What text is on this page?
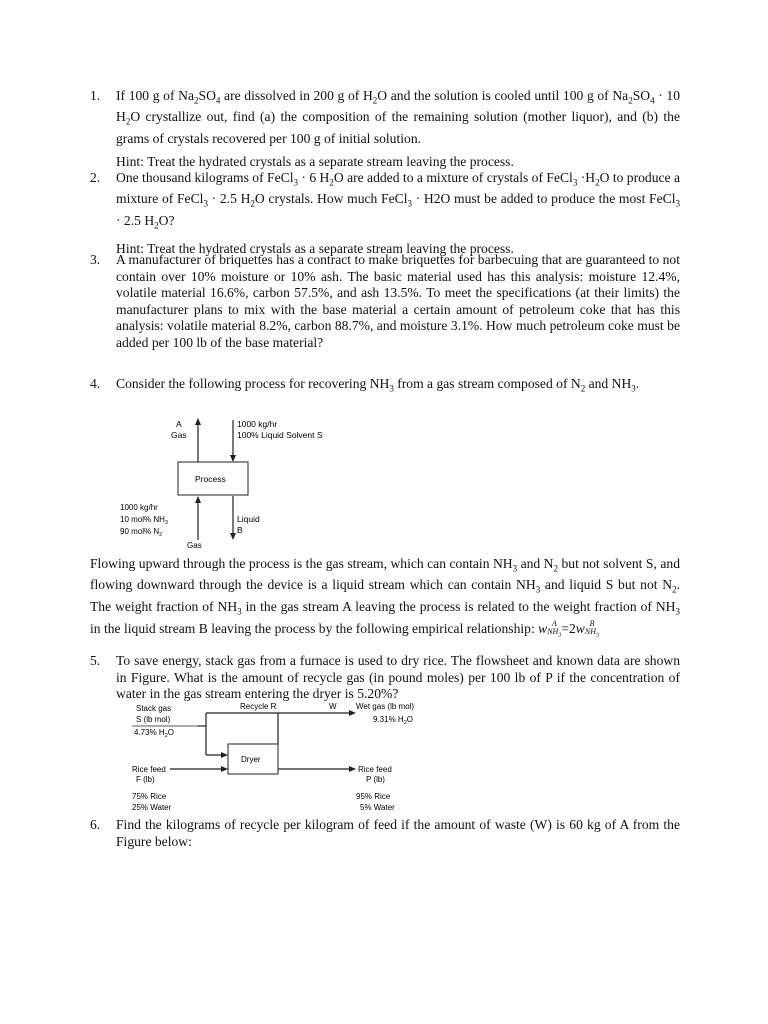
1. If 100 g of $Na_2SO_4$ are dissolved in 200 g of $H_2O$ and the solution is cooled until 100 g of $Na_2SO_4 \cdot 10$ $H_2O$ crystallize out, find (a) the composition of the remaining solution (mother liquor), and (b) the grams of crystals recovered per 100 g of initial solution.
Hint: Treat the hydrated crystals as a separate stream leaving the process.
2. One thousand kilograms of FeCl$_3$ · 6 $H_2O$ are added to a mixture of crystals of FeCl$_3$ $\cdot H_2O$ to produce a mixture of FeCl$_3$ · 2.5 $H_2O$ crystals. How much FeCl$_3$ · H2O must be added to produce the most FeCl$_3$ · 2.5 $H_2O$?
Hint: Treat the hydrated crystals as a separate stream leaving the process.
3. A manufacturer of briquettes has a contract to make briquettes for barbecuing that are guaranteed to not contain over 10% moisture or 10% ash. The basic material used has this analysis: moisture 12.4%, volatile material 16.6%, carbon 57.5%, and ash 13.5%. To meet the specifications (at their limits) the manufacturer plans to mix with the base material a certain amount of petroleum coke that has this analysis: volatile material 8.2%, carbon 88.7%, and moisture 3.1%. How much petroleum coke must be added per 100 lb of the base material?
4. Consider the following process for recovering $NH_3$ from a gas stream composed of $N_2$ and $NH_3$.
A
Gas
1000 kg/hr
100% Liquid Solvent S
Process
1000 kg/hr
10 mol% $NH_3$
90 mol% $N_2$
Gas
Liquid
B
Flowing upward through the process is the gas stream, which can contain $NH_3$ and $N_2$ but not solvent S, and flowing downward through the device is a liquid stream which can contain $NH_3$ and liquid S but not $N_2$. The weight fraction of $NH_3$ in the gas stream A leaving the process is related to the weight fraction of $NH_3$ in the liquid stream B leaving the process by the following empirical relationship: w A
$NH_3 =2w$ B
$NH_3$
5. To save energy, stack gas from a furnace is used to dry rice. The flowsheet and known data are shown in Figure. What is the amount of recycle gas (in pound moles) per 100 lb of P if the concentration of water in the gas stream entering the dryer is 5.20%?
Stack gas
S (lb mol)
4.73% $H_2O$
Recycle R	W Wet gas (lb mol)
9.31% $H_2O$
Dryer
Rice feed
F (lb)
75% Rice
25% Water
Rice feed
P (lb)
95% Rice
5% Water
6. Find the kilograms of recycle per kilogram of feed if the amount of waste (W) is 60 kg of A from the Figure below:
